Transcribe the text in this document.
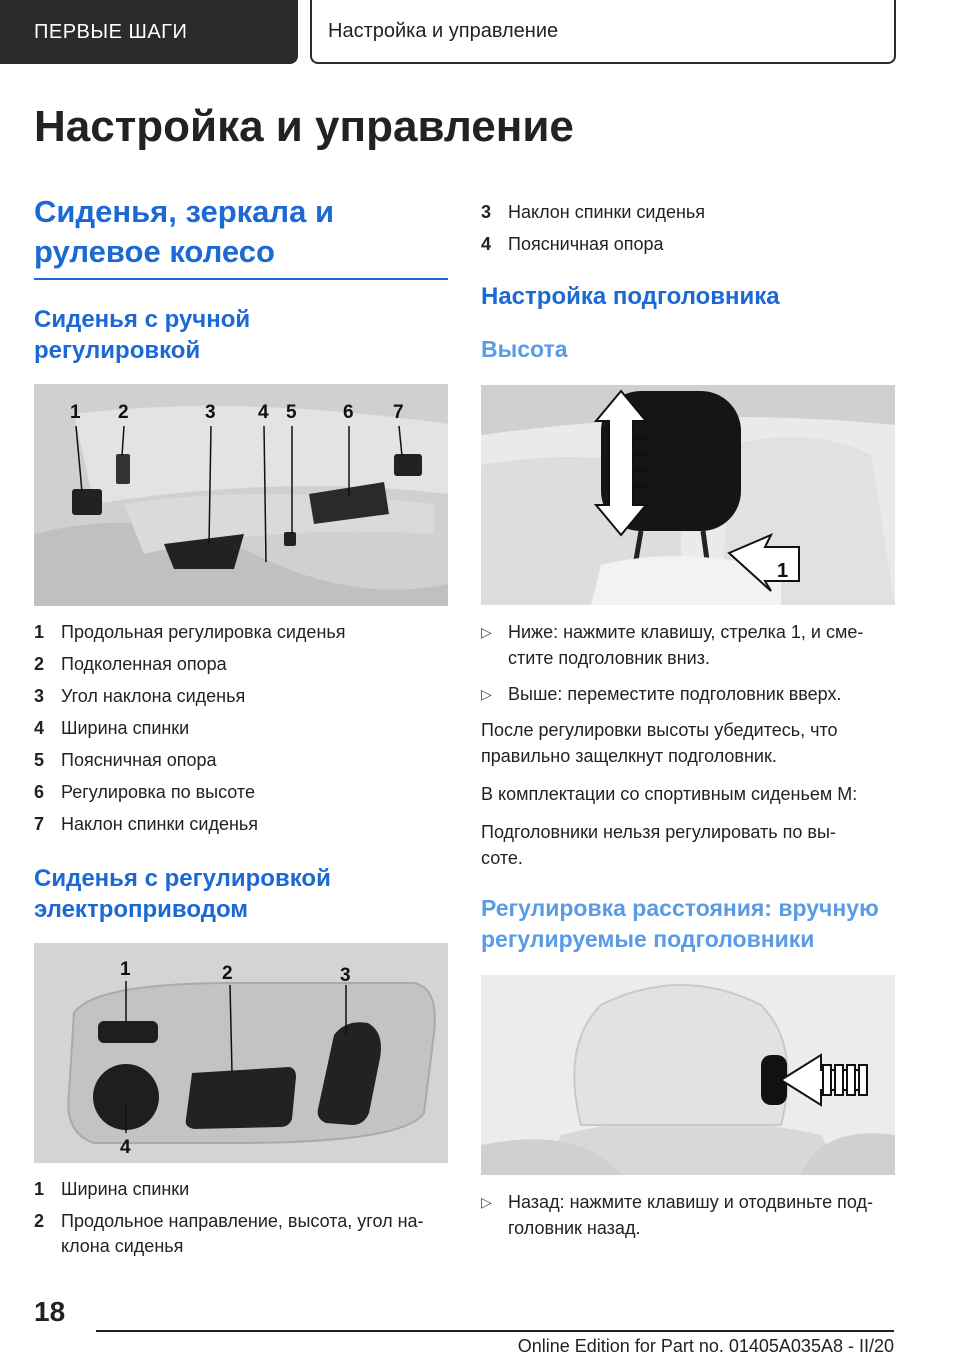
ПЕРВЫЕ ШАГИ	Настройка и управление
Настройка и управление
Сиденья, зеркала и рулевое колесо
Сиденья с ручной регулировкой
1 2	3 4 5 6 7
1 Продольная регулировка сиденья
2 Подколенная опора
3 Угол наклона сиденья
4 Ширина спинки
5 Поясничная опора
6 Регулировка по высоте
7 Наклон спинки сиденья
Сиденья с регулировкой электроприводом
1	2	3
4
1 Ширина спинки
2 Продольное направление, высота, угол на-клона сиденья
3 Наклон спинки сиденья
4 Поясничная опора
Настройка подголовника
Высота
1
▷ Ниже: нажмите клавишу, стрелка 1, и сме-стите подголовник вниз.
▷ Выше: переместите подголовник вверх.

После регулировки высоты убедитесь, что правильно защелкнут подголовник.

В комплектации со спортивным сиденьем M:

Подголовники нельзя регулировать по вы-соте.

Регулировка расстояния: вручную регулируемые подголовники
▷ Назад: нажмите клавишу и отодвиньте под-головник назад.

18

Online Edition for Part no. 01405A035A8 - II/20
